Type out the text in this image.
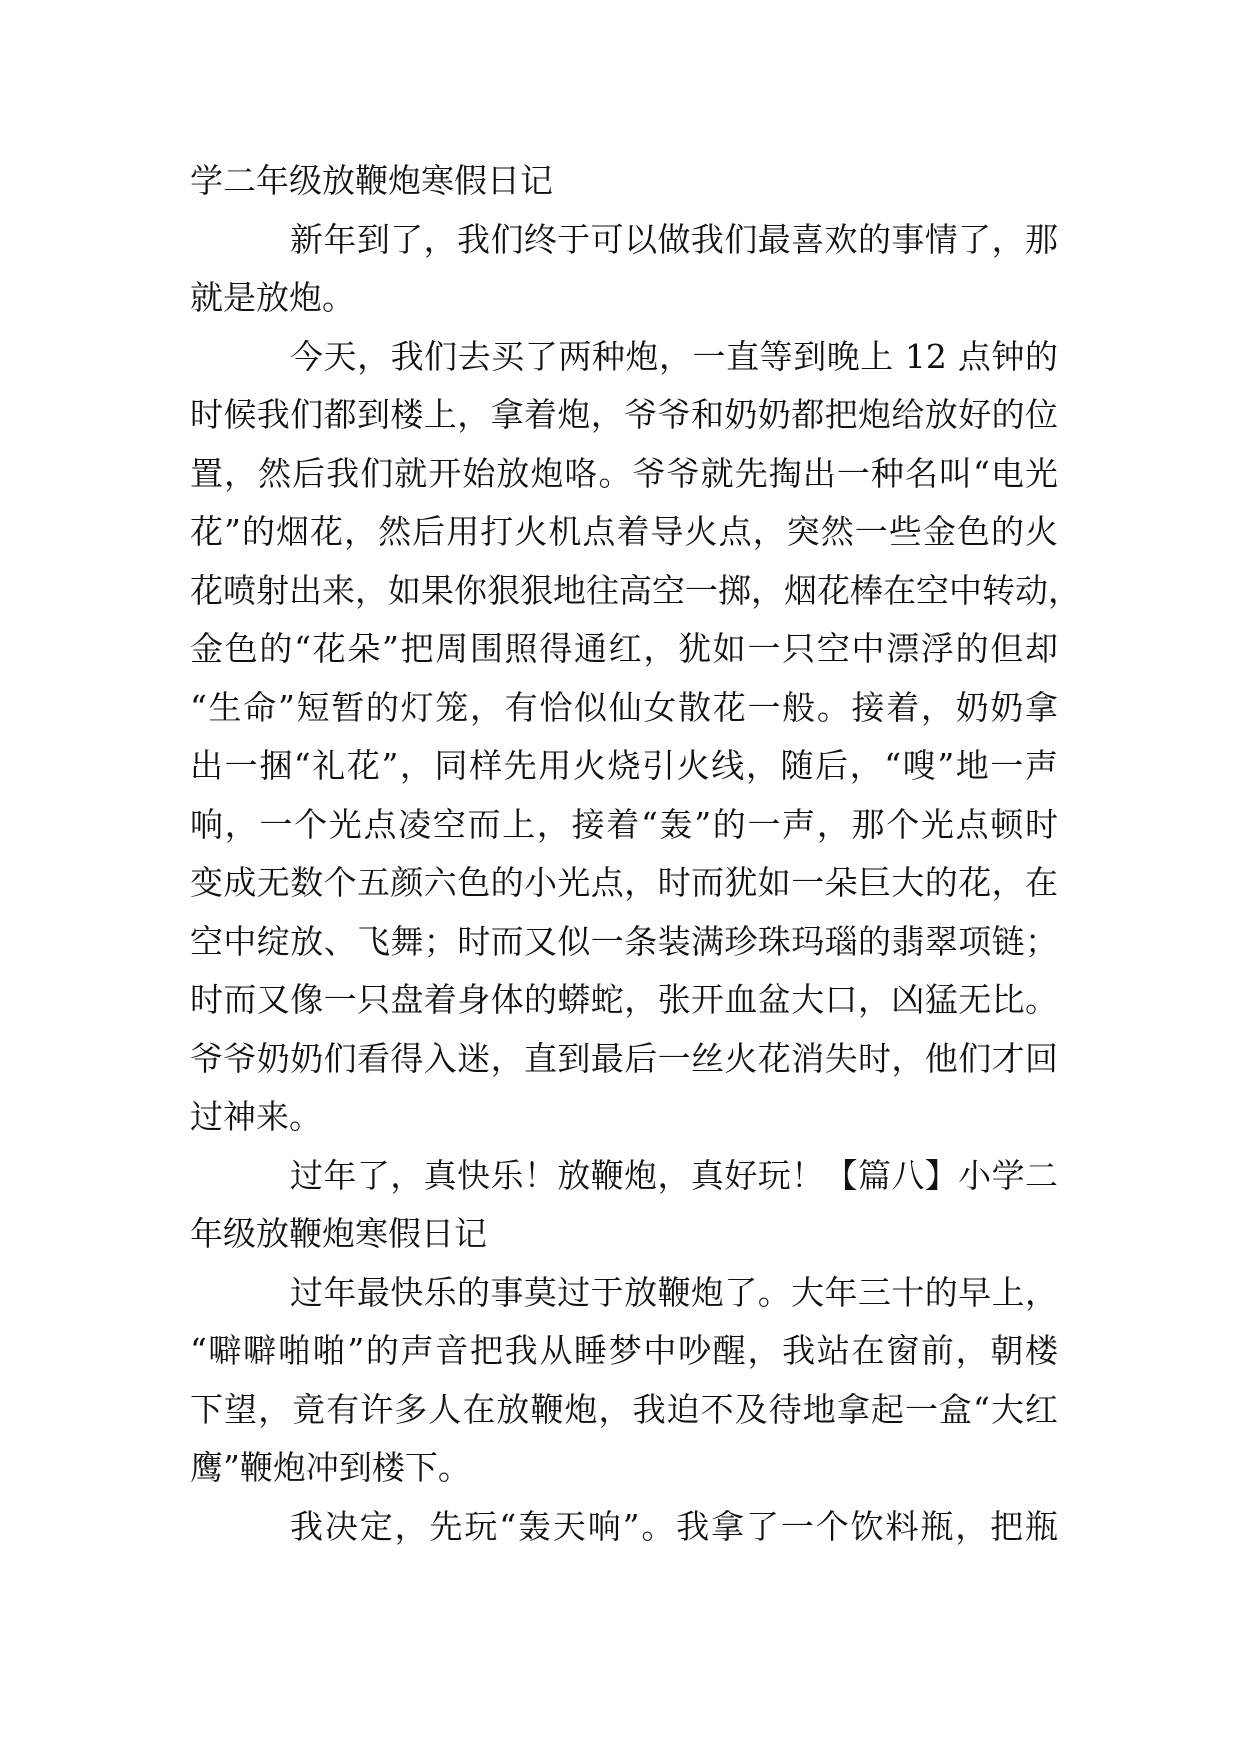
学二年级放鞭炮寒假日记
新年到了，我们终于可以做我们最喜欢的事情了，那
就是放炮。
今天，我们去买了两种炮，一直等到晚上 12 点钟的
时候我们都到楼上，拿着炮，爷爷和奶奶都把炮给放好的位
置，然后我们就开始放炮咯。爷爷就先掏出一种名叫“电光
花”的烟花，然后用打火机点着导火点，突然一些金色的火
花喷射出来，如果你狠狠地往高空一掷，烟花棒在空中转动，
金色的“花朵”把周围照得通红，犹如一只空中漂浮的但却
“生命”短暂的灯笼，有恰似仙女散花一般。接着，奶奶拿
出一捆“礼花”，同样先用火烧引火线，随后，“嗖”地一声
响，一个光点凌空而上，接着“轰”的一声，那个光点顿时
变成无数个五颜六色的小光点，时而犹如一朵巨大的花，在
空中绽放、飞舞；时而又似一条装满珍珠玛瑙的翡翠项链；
时而又像一只盘着身体的蟒蛇，张开血盆大口，凶猛无比。
爷爷奶奶们看得入迷，直到最后一丝火花消失时，他们才回
过神来。
过年了，真快乐！放鞭炮，真好玩！【篇八】小学二
年级放鞭炮寒假日记
过年最快乐的事莫过于放鞭炮了。大年三十的早上，
“噼噼啪啪”的声音把我从睡梦中吵醒，我站在窗前，朝楼
下望，竟有许多人在放鞭炮，我迫不及待地拿起一盒“大红
鹰”鞭炮冲到楼下。
我决定，先玩“轰天响”。我拿了一个饮料瓶，把瓶
